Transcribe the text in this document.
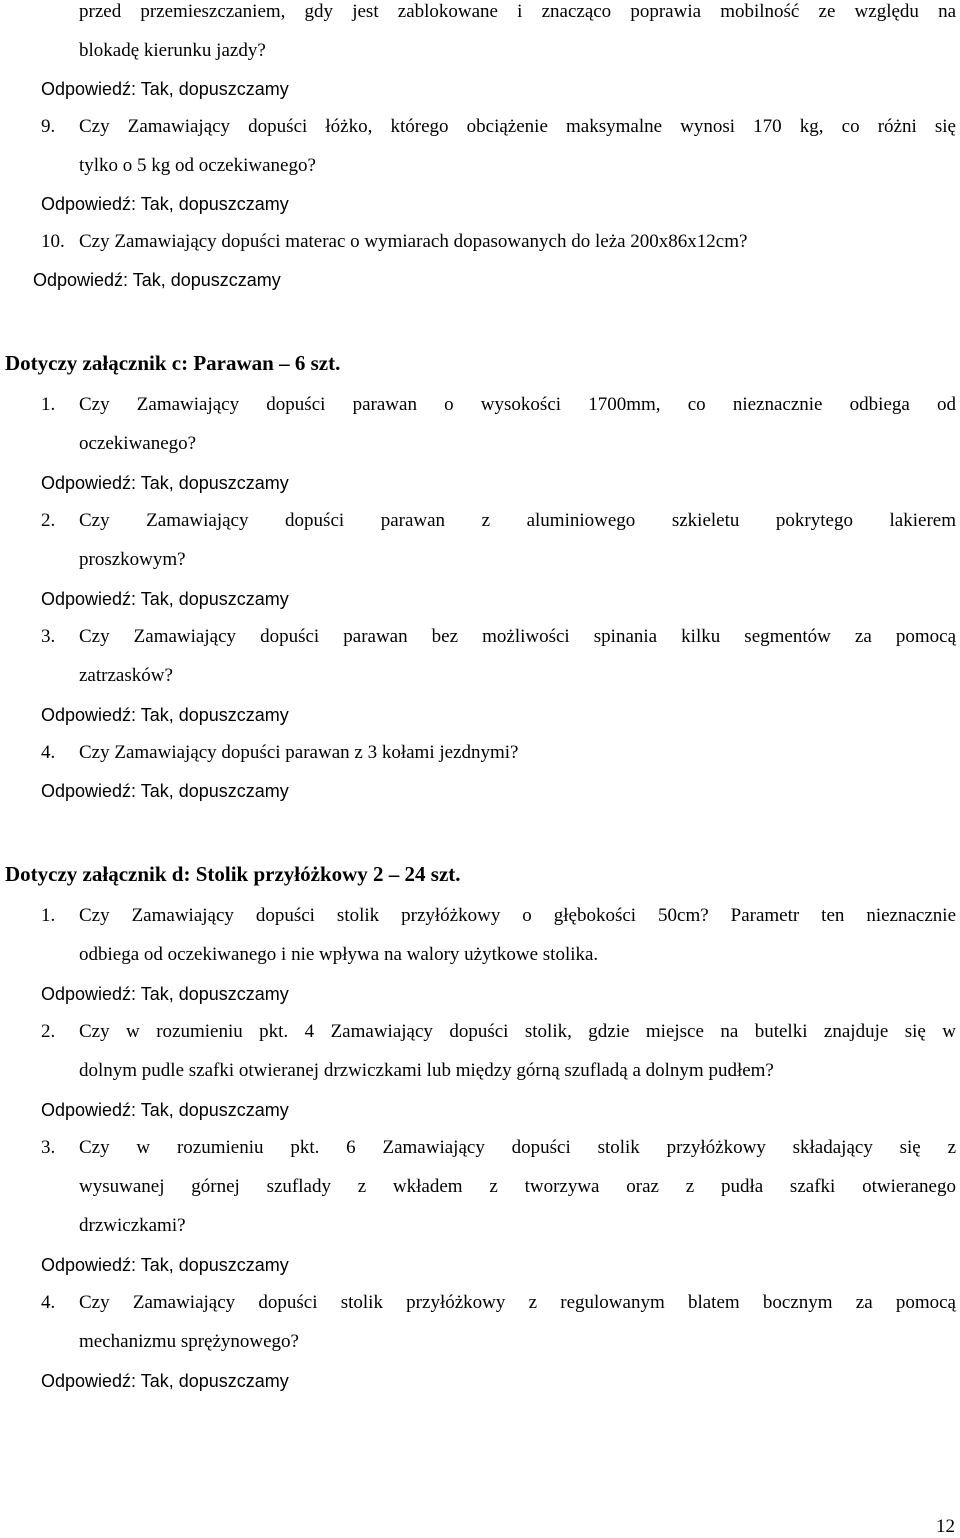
przed przemieszczaniem, gdy jest zablokowane i znacząco poprawia mobilność ze względu na
blokadę kierunku jazdy?
Odpowiedź: Tak, dopuszczamy
9. Czy Zamawiający dopuści łóżko, którego obciążenie maksymalne wynosi 170 kg, co różni się
tylko o 5 kg od oczekiwanego?
Odpowiedź: Tak, dopuszczamy
10. Czy Zamawiający dopuści materac o wymiarach dopasowanych do leża 200x86x12cm?
Odpowiedź: Tak, dopuszczamy
Dotyczy załącznik c: Parawan – 6 szt.
1. Czy Zamawiający dopuści parawan o wysokości 1700mm, co nieznacznie odbiega od
oczekiwanego?
Odpowiedź: Tak, dopuszczamy
2. Czy Zamawiający dopuści parawan z aluminiowego szkieletu pokrytego lakierem
proszkowym?
Odpowiedź: Tak, dopuszczamy
3. Czy Zamawiający dopuści parawan bez możliwości spinania kilku segmentów za pomocą
zatrzasków?
Odpowiedź: Tak, dopuszczamy
4. Czy Zamawiający dopuści parawan z 3 kołami jezdnymi?
Odpowiedź: Tak, dopuszczamy
Dotyczy załącznik d: Stolik przyłóżkowy 2 – 24 szt.
1. Czy Zamawiający dopuści stolik przyłóżkowy o głębokości 50cm? Parametr ten nieznacznie
odbiega od oczekiwanego i nie wpływa na walory użytkowe stolika.
Odpowiedź: Tak, dopuszczamy
2. Czy w rozumieniu pkt. 4 Zamawiający dopuści stolik, gdzie miejsce na butelki znajduje się w
dolnym pudle szafki otwieranej drzwiczkami lub między górną szufladą a dolnym pudłem?
Odpowiedź: Tak, dopuszczamy
3. Czy w rozumieniu pkt. 6 Zamawiający dopuści stolik przyłóżkowy składający się z
wysuwanej górnej szuflady z wkładem z tworzywa oraz z pudła szafki otwieranego
drzwiczkami?
Odpowiedź: Tak, dopuszczamy
4. Czy Zamawiający dopuści stolik przyłóżkowy z regulowanym blatem bocznym za pomocą
mechanizmu sprężynowego?
Odpowiedź: Tak, dopuszczamy
12
